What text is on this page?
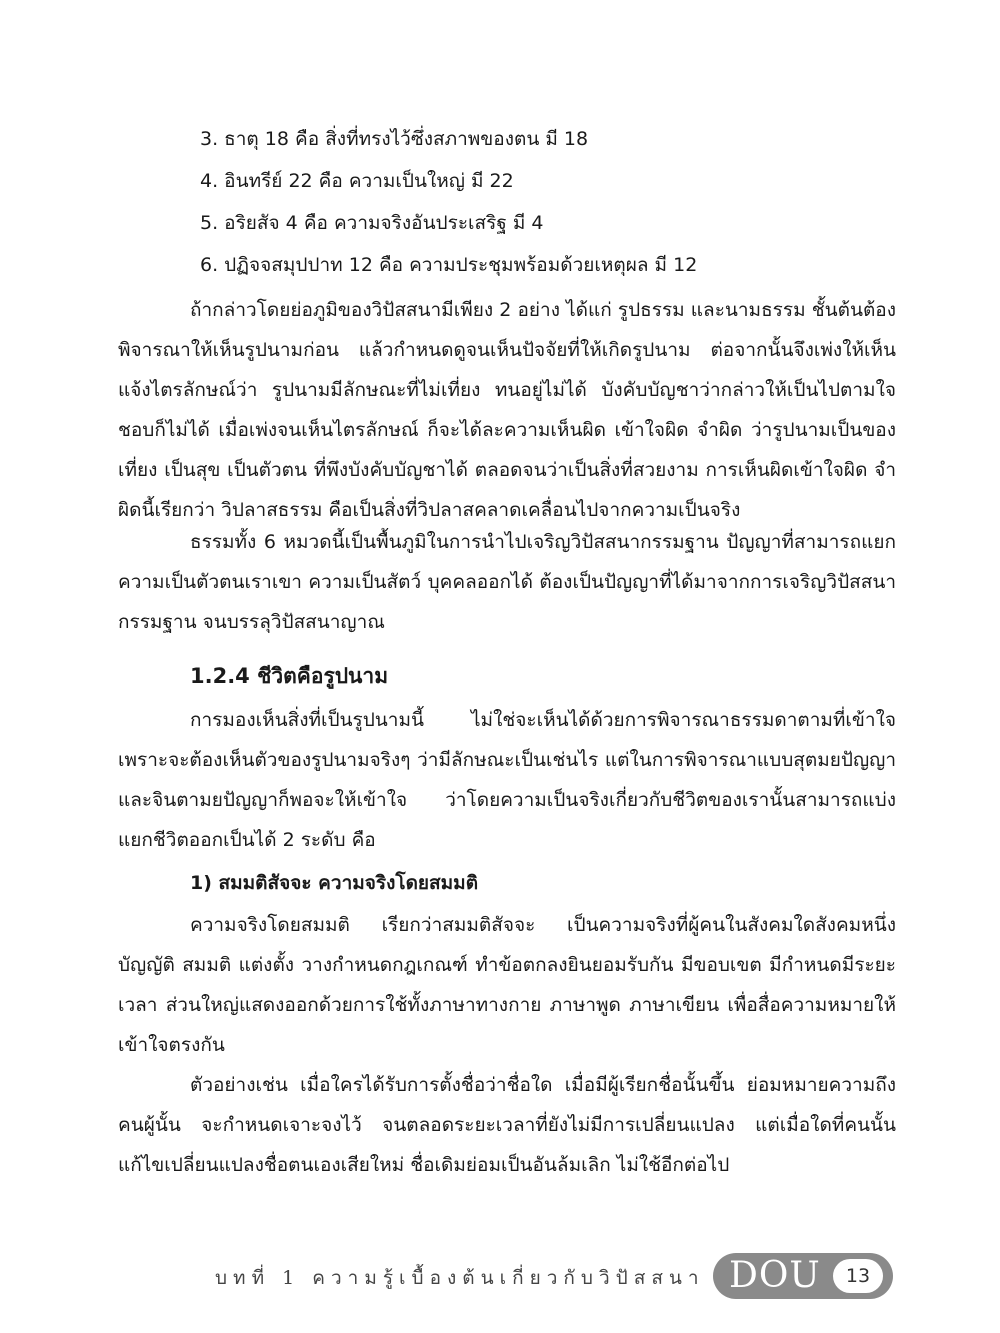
3. ธาตุ 18 คือ สิ่งที่ทรงไว้ซึ่งสภาพของตน มี 18
4. อินทรีย์ 22 คือ ความเป็นใหญ่ มี 22
5. อริยสัจ 4 คือ ความจริงอันประเสริฐ มี 4
6. ปฏิจจสมุปปาท 12 คือ ความประชุมพร้อมด้วยเหตุผล มี 12

ถ้ากล่าวโดยย่อภูมิของวิปัสสนามีเพียง 2 อย่าง ได้แก่ รูปธรรม และนามธรรม ชั้นต้นต้องพิจารณาให้เห็นรูปนามก่อน แล้วกำหนดดูจนเห็นปัจจัยที่ให้เกิดรูปนาม ต่อจากนั้นจึงเพ่งให้เห็นแจ้งไตรลักษณ์ว่า รูปนามมีลักษณะที่ไม่เที่ยง ทนอยู่ไม่ได้ บังคับบัญชาว่ากล่าวให้เป็นไปตามใจชอบก็ไม่ได้ เมื่อเพ่งจนเห็นไตรลักษณ์ ก็จะได้ละความเห็นผิด เข้าใจผิด จำผิด ว่ารูปนามเป็นของเที่ยง เป็นสุข เป็นตัวตน ที่พึงบังคับบัญชาได้ ตลอดจนว่าเป็นสิ่งที่สวยงาม การเห็นผิดเข้าใจผิด จำผิดนี้เรียกว่า วิปลาสธรรม คือเป็นสิ่งที่วิปลาสคลาดเคลื่อนไปจากความเป็นจริง

ธรรมทั้ง 6 หมวดนี้เป็นพื้นภูมิในการนำไปเจริญวิปัสสนากรรมฐาน ปัญญาที่สามารถแยกความเป็นตัวตนเราเขา ความเป็นสัตว์ บุคคลออกได้ ต้องเป็นปัญญาที่ได้มาจากการเจริญวิปัสสนากรรมฐาน จนบรรลุวิปัสสนาญาณ

1.2.4 ชีวิตคือรูปนาม

การมองเห็นสิ่งที่เป็นรูปนามนี้ ไม่ใช่จะเห็นได้ด้วยการพิจารณาธรรมดาตามที่เข้าใจเพราะจะต้องเห็นตัวของรูปนามจริงๆ ว่ามีลักษณะเป็นเช่นไร แต่ในการพิจารณาแบบสุตมยปัญญาและจินตามยปัญญาก็พอจะให้เข้าใจ ว่าโดยความเป็นจริงเกี่ยวกับชีวิตของเรานั้นสามารถแบ่งแยกชีวิตออกเป็นได้ 2 ระดับ คือ

1) สมมติสัจจะ ความจริงโดยสมมติ

ความจริงโดยสมมติ เรียกว่าสมมติสัจจะ เป็นความจริงที่ผู้คนในสังคมใดสังคมหนึ่งบัญญัติ สมมติ แต่งตั้ง วางกำหนดกฎเกณฑ์ ทำข้อตกลงยินยอมรับกัน มีขอบเขต มีกำหนดมีระยะเวลา ส่วนใหญ่แสดงออกด้วยการใช้ทั้งภาษาทางกาย ภาษาพูด ภาษาเขียน เพื่อสื่อความหมายให้เข้าใจตรงกัน

ตัวอย่างเช่น เมื่อใครได้รับการตั้งชื่อว่าชื่อใด เมื่อมีผู้เรียกชื่อนั้นขึ้น ย่อมหมายความถึงคนผู้นั้น จะกำหนดเจาะจงไว้ จนตลอดระยะเวลาที่ยังไม่มีการเปลี่ยนแปลง แต่เมื่อใดที่คนนั้นแก้ไขเปลี่ยนแปลงชื่อตนเองเสียใหม่ ชื่อเดิมย่อมเป็นอันล้มเลิก ไม่ใช้อีกต่อไป

บทที่ 1 ความรู้เบื้องต้นเกี่ยวกับวิปัสสนา DOU	13
